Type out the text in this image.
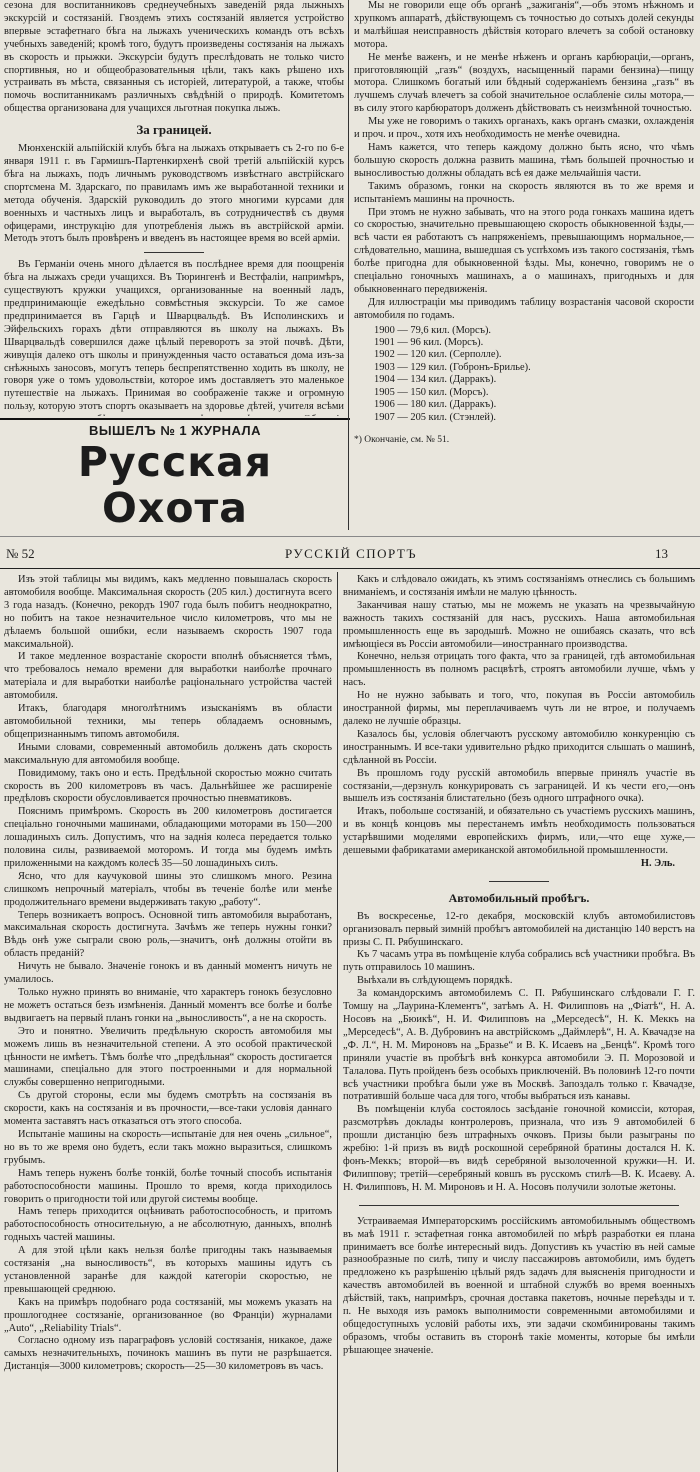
сезона для воспитанниковъ среднеучебныхъ заведеній ряда лыжныхъ экскурсій и состязаній. Гвоздемъ этихъ состязаній является устройство впервые эстафетнаго бѣга на лыжахъ ученическихъ командъ отъ всѣхъ учебныхъ заведеній; кромѣ того, будутъ произведены состязанія на лыжахъ въ скорость и прыжки. Экскурсіи будутъ преслѣдовать не только чисто спортивныя, но и общеобразовательныя цѣли, такъ какъ рѣшено ихъ устраивать въ мѣста, связанныя съ исторіей, литературой, а также, чтобы помочь воспитанникамъ различныхъ свѣдѣній о природѣ. Комитетомъ общества организована для учащихся льготная покупка лыжъ.

За границей.

Мюнхенскій альпійскій клубъ бѣга на лыжахъ открываетъ съ 2-го по 6-е января 1911 г. въ Гармишъ-Партенкирхенѣ свой третій альпійскій курсъ бѣга на лыжахъ, подъ личнымъ руководствомъ извѣстнаго австрійскаго спортсмена М. Здарскаго, по правиламъ имъ же выработанной техники и метода обученія. Здарскій руководилъ до этого многими курсами для военныхъ и частныхъ лицъ и выработалъ, въ сотрудничествѣ съ двумя офицерами, инструкцію для употребленія лыжъ въ австрійской арміи. Методъ этотъ былъ провѣренъ и введенъ въ настоящее время во всей арміи.

Въ Германіи очень много дѣлается въ послѣднее время для поощренія бѣга на лыжахъ среди учащихся. Въ Тюрингенѣ и Вестфаліи, напримѣръ, существуютъ кружки учащихся, организованные на военный ладъ, предпринимающіе ежедѣльно совмѣстныя экскурсіи. То же самое предпринимается въ Гарцѣ и Шварцвальдѣ. Въ Исполинскихъ и Эйфельскихъ горахъ дѣти отправляются въ школу на лыжахъ. Въ Шварцвальдѣ совершился даже цѣлый переворотъ за этой почвѣ. Дѣти, живущія далеко отъ школы и принужденныя часто оставаться дома изъ-за снѣжныхъ заносовъ, могутъ теперь беспрепятственно ходить въ школу, не говоря уже о томъ удовольствіи, которое имъ доставляетъ это маленькое путешествіе на лыжахъ. Принимая во соображеніе также и огромную пользу, которую этотъ спортъ оказываетъ на здоровье дѣтей, учителя всѣми

ВЫШЕЛЪ № 1 ЖУРНАЛА
Русская Охота

Мы не говорили еще объ органѣ „зажиганія“,—объ этомъ нѣжномъ и хрупкомъ аппаратѣ, дѣйствующемъ съ точностью до сотыхъ долей секунды и малѣйшая неисправность дѣйствія котораго влечетъ за собой остановку мотора.

Не менѣе важенъ, и не менѣе нѣженъ и органъ карбюраціи,—органъ, приготовляющій „газъ“ (воздухъ, насыщенный парами бензина)—пищу мотора. Слишкомъ богатый или бѣдный содержаніемъ бензина „газъ“ въ лучшемъ случаѣ влечетъ за собой значительное ослабленіе силы мотора,—въ силу этого карбюраторъ долженъ дѣйствовать съ неизмѣнной точностью.

Мы уже не говоримъ о такихъ органахъ, какъ органъ смазки, охлажденія и проч. и проч., хотя ихъ необходимость не менѣе очевидна.

Намъ кажется, что теперь каждому должно быть ясно, что чѣмъ большую скорость должна развить машина, тѣмъ большей прочностью и выносливостью должны обладать всѣ ея даже мельчайшія части.

Такимъ образомъ, гонки на скорость являются въ то же время и испытаніемъ машины на прочность.

При этомъ не нужно забывать, что на этого рода гонкахъ машина идетъ со скоростью, значительно превышающею скорость обыкновенной ѣзды,—всѣ части ея работаютъ съ напряженіемъ, превышающимъ нормальное,—слѣдовательно, машина, вышедшая съ успѣхомъ изъ такого состязанія, тѣмъ болѣе пригодна для обыкновенной ѣзды. Мы, конечно, говоримъ не о спеціально гоночныхъ машинахъ, а о машинахъ, пригодныхъ и для обыкновеннаго передвиженія.

Для иллюстраціи мы приводимъ таблицу возрастанія часовой скорости автомобиля по годамъ.

1900 — 79,6 кил. (Морсъ).
1901 — 96 кил. (Морсъ).
1902 — 120 кил. (Серполле).
1903 — 129 кил. (Гобронъ-Брилье).
1904 — 134 кил. (Дарракъ).
1905 — 150 кил. (Морсъ).
1906 — 180 кил. (Дарракъ).
1907 — 205 кил. (Стэнлей).
*) Окончаніе, см. № 51.
№ 52	РУССКІЙ СПОРТЪ	13

Изъ этой таблицы мы видимъ, какъ медленно повышалась скорость автомобиля вообще. Максимальная скорость (205 кил.) достигнута всего 3 года назадъ. (Конечно, рекордъ 1907 года былъ побитъ неоднократно, но побитъ на такое незначительное число километровъ, что мы не дѣлаемъ большой ошибки, если называемъ скорость 1907 года максимальной).

И такое медленное возрастаніе скорости вполнѣ объясняется тѣмъ, что требовалось немало времени для выработки наиболѣе прочнаго матеріала и для выработки наиболѣе раціональнаго устройства частей автомобиля.

Итакъ, благодаря многолѣтнимъ изысканіямъ въ области автомобильной техники, мы теперь обладаемъ основнымъ, общепризнаннымъ типомъ автомобиля.

Иными словами, современный автомобиль долженъ дать скорость максимальную для автомобиля вообще.

Повидимому, такъ оно и есть. Предѣльной скоростью можно считать скорость въ 200 километровъ въ часъ. Дальнѣйшее же расширеніе предѣловъ скорости обусловливается прочностью пневматиковъ.

Пояснимъ примѣромъ. Скорость въ 200 километровъ достигается спеціально гоночными машинами, обладающими моторами въ 150—200 лошадиныхъ силъ. Допустимъ, что на заднія колеса передается только половина силы, развиваемой моторомъ. И тогда мы будемъ имѣть приложенными на каждомъ колесѣ 35—50 лошадиныхъ силъ.

Ясно, что для каучуковой шины это слишкомъ много. Резина слишкомъ непрочный матеріалъ, чтобы въ теченіе болѣе или менѣе продолжительнаго времени выдерживать такую „работу“.

Теперь возникаетъ вопросъ. Основной типъ автомобиля выработанъ, максимальная скорость достигнута. Зачѣмъ же теперь нужны гонки? Вѣдь онѣ уже сыграли свою роль,—значитъ, онѣ должны отойти въ область преданій?

Ничуть не бывало. Значеніе гонокъ и въ данный моментъ ничуть не умалилось.

Только нужно принять во вниманіе, что характеръ гонокъ безусловно не можетъ остаться безъ измѣненія. Данный моментъ все болѣе и болѣе выдвигаетъ на первый планъ гонки на „выносливость“, а не на скорость.

Это и понятно. Увеличить предѣльную скорость автомобиля мы можемъ лишь въ незначительной степени. А это особой практической цѣнности не имѣетъ. Тѣмъ болѣе что „предѣльная“ скорость достигается машинами, спеціально для этого построенными и для нормальной службы совершенно непригодными.

Съ другой стороны, если мы будемъ смотрѣть на состязанія въ скорости, какъ на состязанія и въ прочности,—все-таки условія даннаго момента заставятъ насъ отказаться отъ этого способа.

Испытаніе машины на скорость—испытаніе для нея очень „сильное“, но въ то же время оно будетъ, если такъ можно выразиться, слишкомъ грубымъ.

Намъ теперь нуженъ болѣе тонкій, болѣе точный способъ испытанія работоспособности машины. Прошло то время, когда приходилось говорить о пригодности той или другой системы вообще.

Намъ теперь приходится оцѣнивать работоспособность, и притомъ работоспособность относительную, а не абсолютную, данныхъ, вполнѣ годныхъ частей машины.

А для этой цѣли какъ нельзя болѣе пригодны такъ называемыя состязанія „на выносливость“, въ которыхъ машины идутъ съ установленной заранѣе для каждой категоріи скоростью, не превышающей среднюю.

Какъ на примѣръ подобнаго рода состязаній, мы можемъ указать на прошлогоднее состязаніе, организованное (во Франціи) журналами „Auto“, „Reliability Trials“.

Согласно одному изъ параграфовъ условій состязанія, никакое, даже самыхъ незначительныхъ, починокъ машинъ въ пути не разрѣшается. Дистанція—3000 километровъ; скорость—25—30 километровъ въ часъ.

Какъ и слѣдовало ожидать, къ этимъ состязаніямъ отнеслись съ большимъ вниманіемъ, и состязанія имѣли не малую цѣнность.

Заканчивая нашу статью, мы не можемъ не указать на чрезвычайную важность такихъ состязаній для насъ, русскихъ. Наша автомобильная промышленность еще въ зародышѣ. Можно не ошибаясь сказать, что всѣ имѣющіеся въ Россіи автомобили—иностраннаго производства.

Конечно, нельзя отрицать того факта, что за границей, гдѣ автомобильная промышленность въ полномъ расцвѣтѣ, строятъ автомобили лучше, чѣмъ у насъ.

Но не нужно забывать и того, что, покупая въ Россіи автомобиль иностранной фирмы, мы переплачиваемъ чуть ли не втрое, и получаемъ далеко не лучшіе образцы.

Казалось бы, условія облегчаютъ русскому автомобилю конкуренцію съ иностраннымъ. И все-таки удивительно рѣдко приходится слышать о машинѣ, сдѣланной въ Россіи.

Въ прошломъ году русскій автомобиль впервые принялъ участіе въ состязаніи,—дерзнулъ конкурировать съ заграницей. И къ чести его,—онъ вышелъ изъ состязанія блистательно (безъ одного штрафного очка).

Итакъ, побольше состязаній, и обязательно съ участіемъ русскихъ машинъ, и въ концѣ концовъ мы перестанемъ имѣть необходимость пользоваться устарѣвшими моделями европейскихъ фирмъ, или,—что еще хуже,—дешевыми фабрикатами американской автомобильной промышленности.

Н. Эль.
Автомобильный пробѣгъ.

Въ воскресенье, 12-го декабря, московскій клубъ автомобилистовъ организовалъ первый зимній пробѣгъ автомобилей на дистанцію 140 верстъ на призы С. П. Рябушинскаго.

Къ 7 часамъ утра въ помѣщеніе клуба собрались всѣ участники пробѣга. Въ путь отправилось 10 машинъ.

Выѣхали въ слѣдующемъ порядкѣ.

За командорскимъ автомобилемъ С. П. Рябушинскаго слѣдовали Г. Г. Томшу на „Лаурина-Клементъ“, затѣмъ А. Н. Филипповъ на „Фіатѣ“, Н. А. Носовъ на „Бюикѣ“, Н. И. Филипповъ на „Мерседесѣ“, Н. К. Меккъ на „Мерседесѣ“, А. В. Дубровинъ на австрійскомъ „Даймлерѣ“, Н. А. Квачадзе на „Ф. Л.“, Н. М. Мироновъ на „Бразье“ и В. К. Исаевъ на „Бенцѣ“. Кромѣ того приняли участіе въ пробѣгѣ внѣ конкурса автомобили Э. П. Морозовой и Талалова. Путь пройденъ безъ особыхъ приключеній. Въ половинѣ 12-го почти всѣ участники пробѣга были уже въ Москвѣ. Запоздалъ только г. Квачадзе, потратившій больше часа для того, чтобы выбраться изъ канавы.

Въ помѣщеніи клуба состоялось засѣданіе гоночной комиссіи, которая, разсмотрѣвъ доклады контролеровъ, признала, что изъ 9 автомобилей 6 прошли дистанцію безъ штрафныхъ очковъ. Призы были разыграны по жребію: 1-й призъ въ видѣ роскошной серебряной братины достался Н. К. фонъ-Меккъ; второй—въ видѣ серебряной вызолоченной кружки—Н. И. Филиппову; третій—серебряный ковшъ въ русскомъ стилѣ—В. К. Исаеву. А. Н. Филипповъ, Н. М. Мироновъ и Н. А. Носовъ получили золотые жетоны.

Устраиваемая Императорскимъ россійскимъ автомобильнымъ обществомъ въ маѣ 1911 г. эстафетная гонка автомобилей по мѣрѣ разработки ея плана принимаетъ все болѣе интересный видъ. Допустивъ къ участію въ ней самые разнообразные по силѣ, типу и числу пассажировъ автомобили, имъ будетъ предложено къ разрѣшенію цѣлый рядъ задачъ для выясненія пригодности и качествъ автомобилей въ военной и штабной службѣ во время военныхъ дѣйствій, такъ, напримѣръ, срочная доставка пакетовъ, ночные переѣзды и т. п. Не выходя изъ рамокъ выполнимости современными автомобилями и общедоступныхъ условій работы ихъ, эти задачи скомбинированы такимъ образомъ, чтобы оставить въ сторонѣ такіе моменты, которые бы имѣли рѣшающее значеніе.
